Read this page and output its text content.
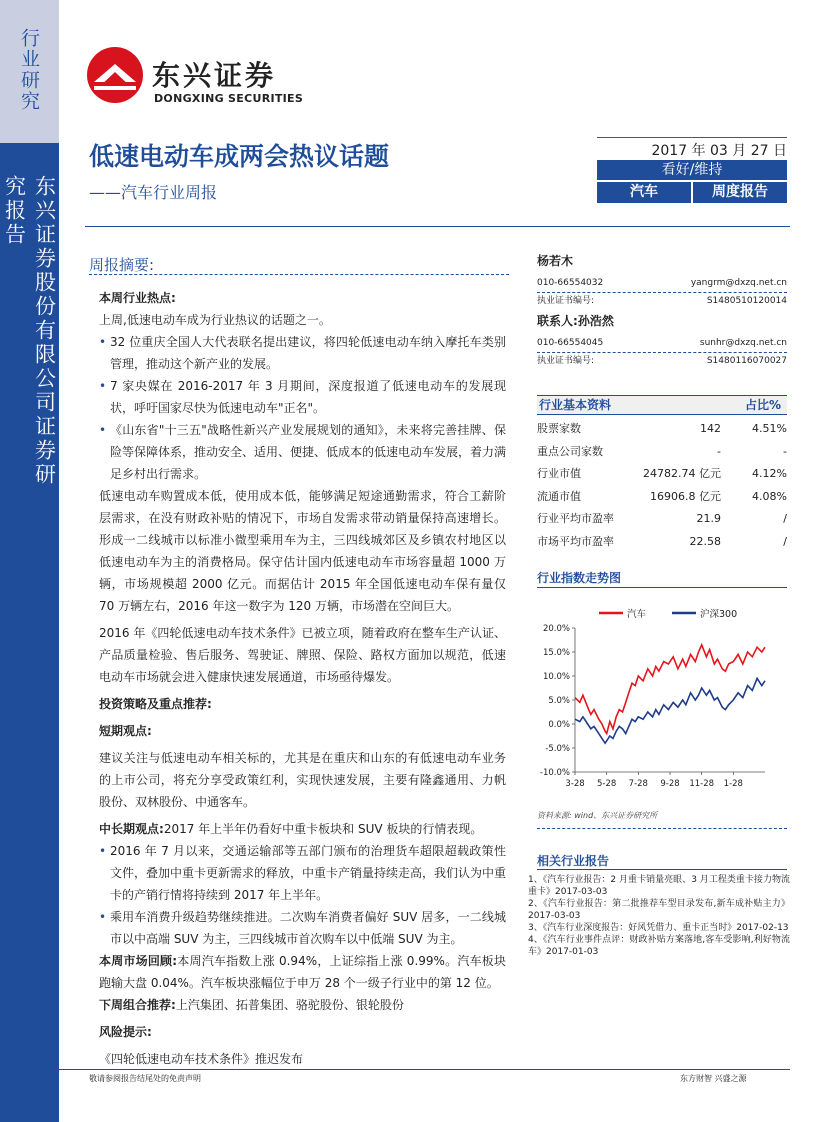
行业研究
东兴证券股份有限公司证券研究报告
东兴证券
DONGXING SECURITIES
低速电动车成两会热议话题
——汽车行业周报
2017 年 03 月 27 日
看好/维持
汽车	周度报告
周报摘要:
本周行业热点:

上周,低速电动车成为行业热议的话题之一。

• 32 位重庆全国人大代表联名提出建议，将四轮低速电动车纳入摩托车类别管理，推动这个新产业的发展。
• 7 家央媒在 2016-2017 年 3 月期间，深度报道了低速电动车的发展现状，呼吁国家尽快为低速电动车"正名"。
• 《山东省"十三五"战略性新兴产业发展规划的通知》，未来将完善挂牌、保险等保障体系，推动安全、适用、便捷、低成本的低速电动车发展，着力满足乡村出行需求。

低速电动车购置成本低，使用成本低，能够满足短途通勤需求，符合工薪阶层需求，在没有财政补贴的情况下，市场自发需求带动销量保持高速增长。形成一二线城市以标准小微型乘用车为主，三四线城郊区及乡镇农村地区以低速电动车为主的消费格局。保守估计国内低速电动车市场容量超 1000 万辆，市场规模超 2000 亿元。而据估计 2015 年全国低速电动车保有量仅 70 万辆左右，2016 年这一数字为 120 万辆，市场潜在空间巨大。

2016 年《四轮低速电动车技术条件》已被立项，随着政府在整车生产认证、产品质量检验、售后服务、驾驶证、牌照、保险、路权方面加以规范，低速电动车市场就会进入健康快速发展通道，市场亟待爆发。

投资策略及重点推荐:
短期观点:

建议关注与低速电动车相关标的，尤其是在重庆和山东的有低速电动车业务的上市公司，将充分享受政策红利，实现快速发展，主要有隆鑫通用、力帆股份、双林股份、中通客车。

中长期观点:2017 年上半年仍看好中重卡板块和 SUV 板块的行情表现。

• 2016 年 7 月以来，交通运输部等五部门颁布的治理货车超限超载政策性文件，叠加中重卡更新需求的释放，中重卡产销量持续走高，我们认为中重卡的产销行情将持续到 2017 年上半年。
• 乘用车消费升级趋势继续推进。二次购车消费者偏好 SUV 居多，一二线城市以中高端 SUV 为主，三四线城市首次购车以中低端 SUV 为主。

本周市场回顾:本周汽车指数上涨 0.94%，上证综指上涨 0.99%。汽车板块跑输大盘 0.04%。汽车板块涨幅位于申万 28 个一级子行业中的第 12 位。

下周组合推荐:上汽集团、拓普集团、骆驼股份、银轮股份

风险提示:

《四轮低速电动车技术条件》推迟发布

杨若木
010-66554032	yangrm@dxzq.net.cn
执业证书编号:	S1480510120014
联系人:孙浩然
010-66554045	sunhr@dxzq.net.cn
执业证书编号:	S1480116070027
行业基本资料	占比%
股票家数	142	4.51%
重点公司家数	-	-
行业市值	24782.74 亿元	4.12%
流通市值	16906.8 亿元	4.08%
行业平均市盈率	21.9	/
市场平均市盈率	22.58	/
行业指数走势图
20.0%
15.0%
10.0%
5.0%
0.0%
-5.0%
-10.0%
3-28 5-28 7-28 9-28 11-28 1-28
汽车	沪深300
资料来源: wind、东兴证券研究所
相关行业报告
1、《汽车行业报告：2 月重卡销量亮眼、3 月工程类重卡接力物流重卡》2017-03-03
2、《汽车行业报告：第二批推荐车型目录发布,新车成补贴主力》2017-03-03
3、《汽车行业深度报告：好风凭借力、重卡正当时》2017-02-13
4、《汽车行业事件点评：财政补贴方案落地,客车受影响,利好物流车》2017-01-03
敬请参阅报告结尾处的免责声明	东方财智 兴盛之源
